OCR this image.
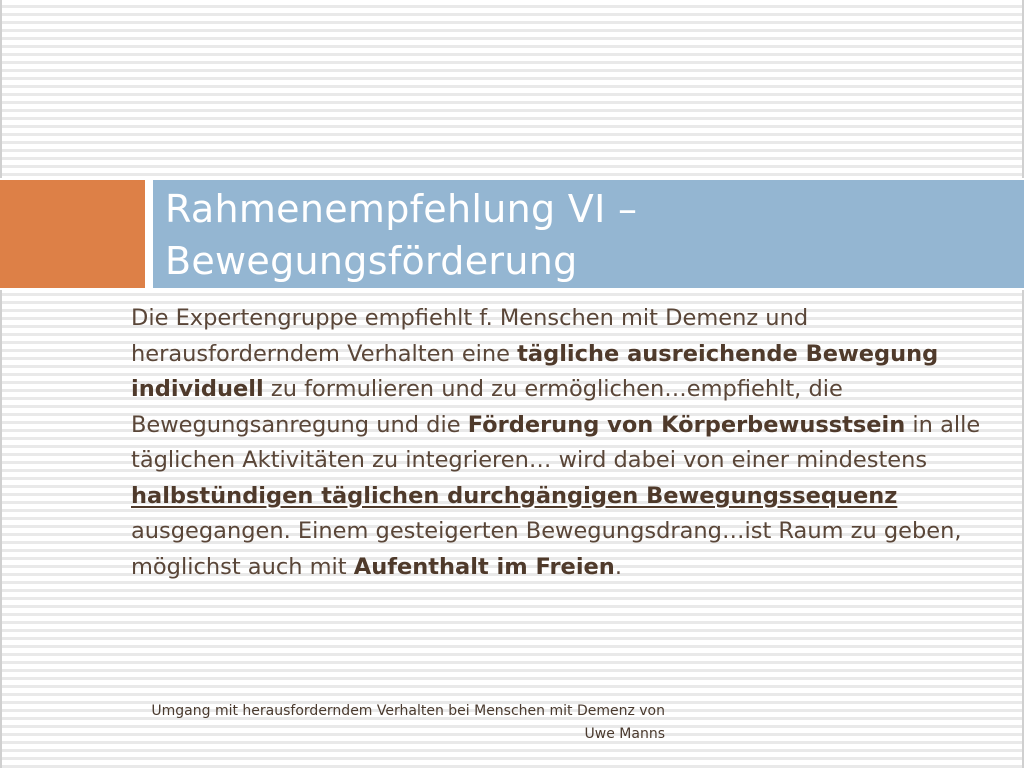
Rahmenempfehlung VI –
Bewegungsförderung

Die Expertengruppe empfiehlt f. Menschen mit Demenz und herausforderndem Verhalten eine tägliche ausreichende Bewegung individuell zu formulieren und zu ermöglichen…empfiehlt, die Bewegungsanregung und die Förderung von Körperbewusstsein in alle täglichen Aktivitäten zu integrieren… wird dabei von einer mindestens halbstündigen täglichen durchgängigen Bewegungssequenz ausgegangen. Einem gesteigerten Bewegungsdrang…ist Raum zu geben, möglichst auch mit Aufenthalt im Freien.

Umgang mit herausforderndem Verhalten bei Menschen mit Demenz von
Uwe Manns
